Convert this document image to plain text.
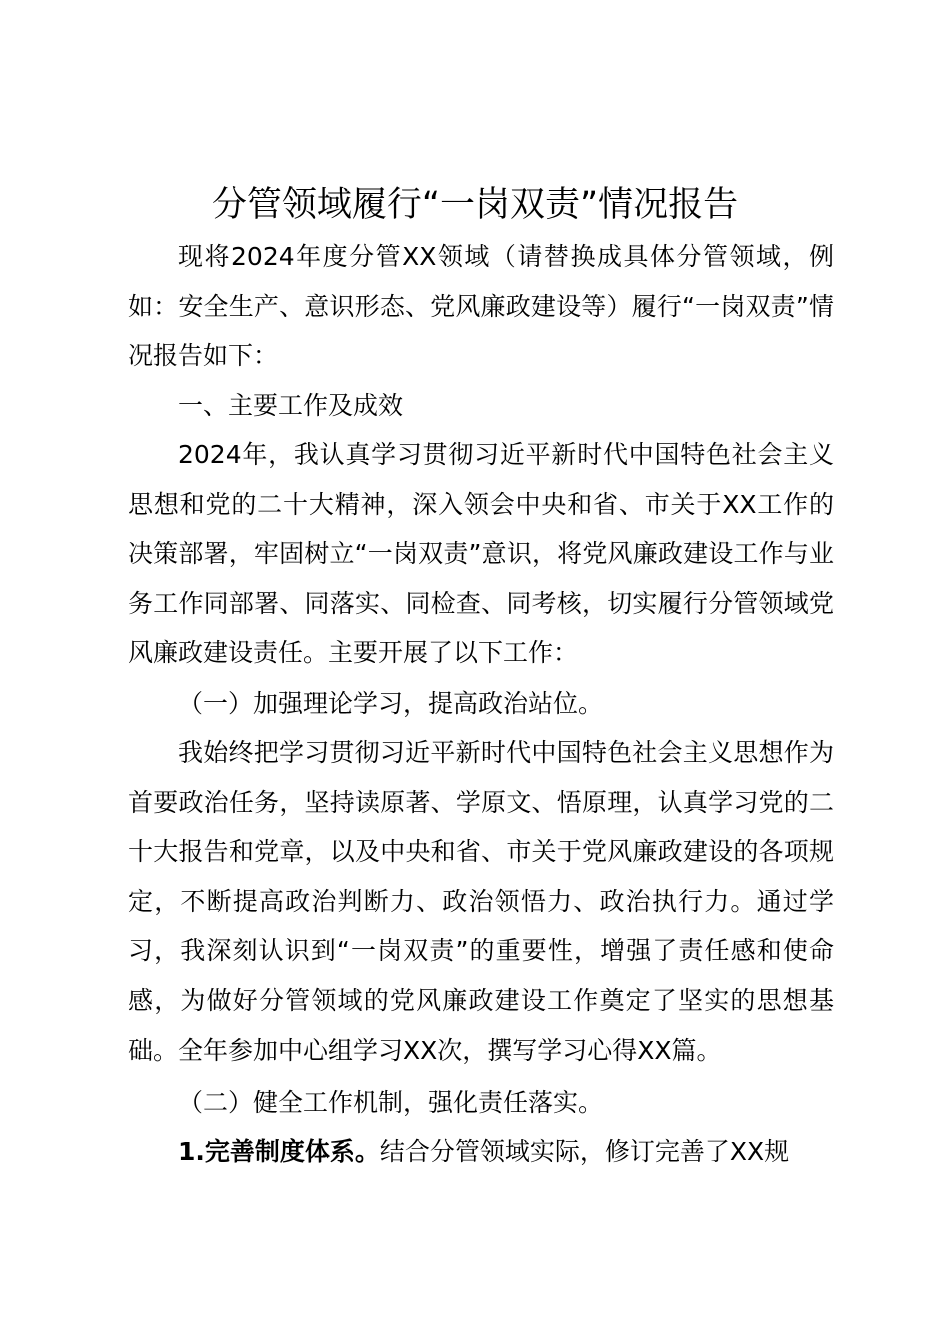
分管领域履行“一岗双责”情况报告
现将2024年度分管XX领域（请替换成具体分管领域，例如：安全生产、意识形态、党风廉政建设等）履行“一岗双责”情况报告如下：
一、主要工作及成效
2024年，我认真学习贯彻习近平新时代中国特色社会主义思想和党的二十大精神，深入领会中央和省、市关于XX工作的决策部署，牢固树立“一岗双责”意识，将党风廉政建设工作与业务工作同部署、同落实、同检查、同考核，切实履行分管领域党风廉政建设责任。主要开展了以下工作：
（一）加强理论学习，提高政治站位。
我始终把学习贯彻习近平新时代中国特色社会主义思想作为首要政治任务，坚持读原著、学原文、悟原理，认真学习党的二十大报告和党章，以及中央和省、市关于党风廉政建设的各项规定，不断提高政治判断力、政治领悟力、政治执行力。通过学习，我深刻认识到“一岗双责”的重要性，增强了责任感和使命感，为做好分管领域的党风廉政建设工作奠定了坚实的思想基础。全年参加中心组学习XX次，撰写学习心得XX篇。
（二）健全工作机制，强化责任落实。
1.完善制度体系。结合分管领域实际，修订完善了XX规
